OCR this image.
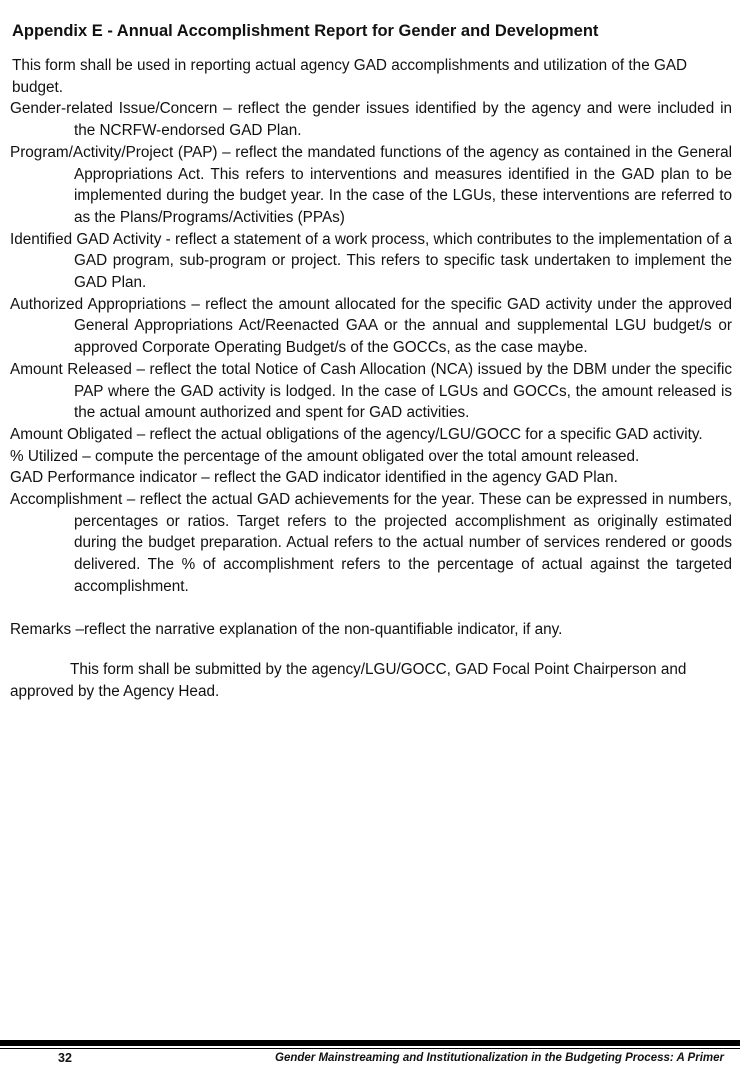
Appendix E - Annual Accomplishment Report for Gender and Development

This form shall be used in reporting actual agency GAD accomplishments and utilization of the GAD budget.

Gender-related Issue/Concern – reflect the gender issues identified by the agency and were included in the NCRFW-endorsed GAD Plan.

Program/Activity/Project (PAP) – reflect the mandated functions of the agency as contained in the General Appropriations Act. This refers to interventions and measures identified in the GAD plan to be implemented during the budget year. In the case of the LGUs, these interventions are referred to as the Plans/Programs/Activities (PPAs)

Identified GAD Activity - reflect a statement of a work process, which contributes to the implementation of a GAD program, sub-program or project. This refers to specific task undertaken to implement the GAD Plan.

Authorized Appropriations – reflect the amount allocated for the specific GAD activity under the approved General Appropriations Act/Reenacted GAA or the annual and supplemental LGU budget/s or approved Corporate Operating Budget/s of the GOCCs, as the case maybe.

Amount Released – reflect the total Notice of Cash Allocation (NCA) issued by the DBM under the specific PAP where the GAD activity is lodged. In the case of LGUs and GOCCs, the amount released is the actual amount authorized and spent for GAD activities.

Amount Obligated – reflect the actual obligations of the agency/LGU/GOCC for a specific GAD activity.

% Utilized – compute the percentage of the amount obligated over the total amount released.

GAD Performance indicator – reflect the GAD indicator identified in the agency GAD Plan.

Accomplishment – reflect the actual GAD achievements for the year. These can be expressed in numbers, percentages or ratios. Target refers to the projected accomplishment as originally estimated during the budget preparation. Actual refers to the actual number of services rendered or goods delivered. The % of accomplishment refers to the percentage of actual against the targeted accomplishment.

Remarks –reflect the narrative explanation of the non-quantifiable indicator, if any.

This form shall be submitted by the agency/LGU/GOCC, GAD Focal Point Chairperson and approved by the Agency Head.

32	Gender Mainstreaming and Institutionalization in the Budgeting Process: A Primer
